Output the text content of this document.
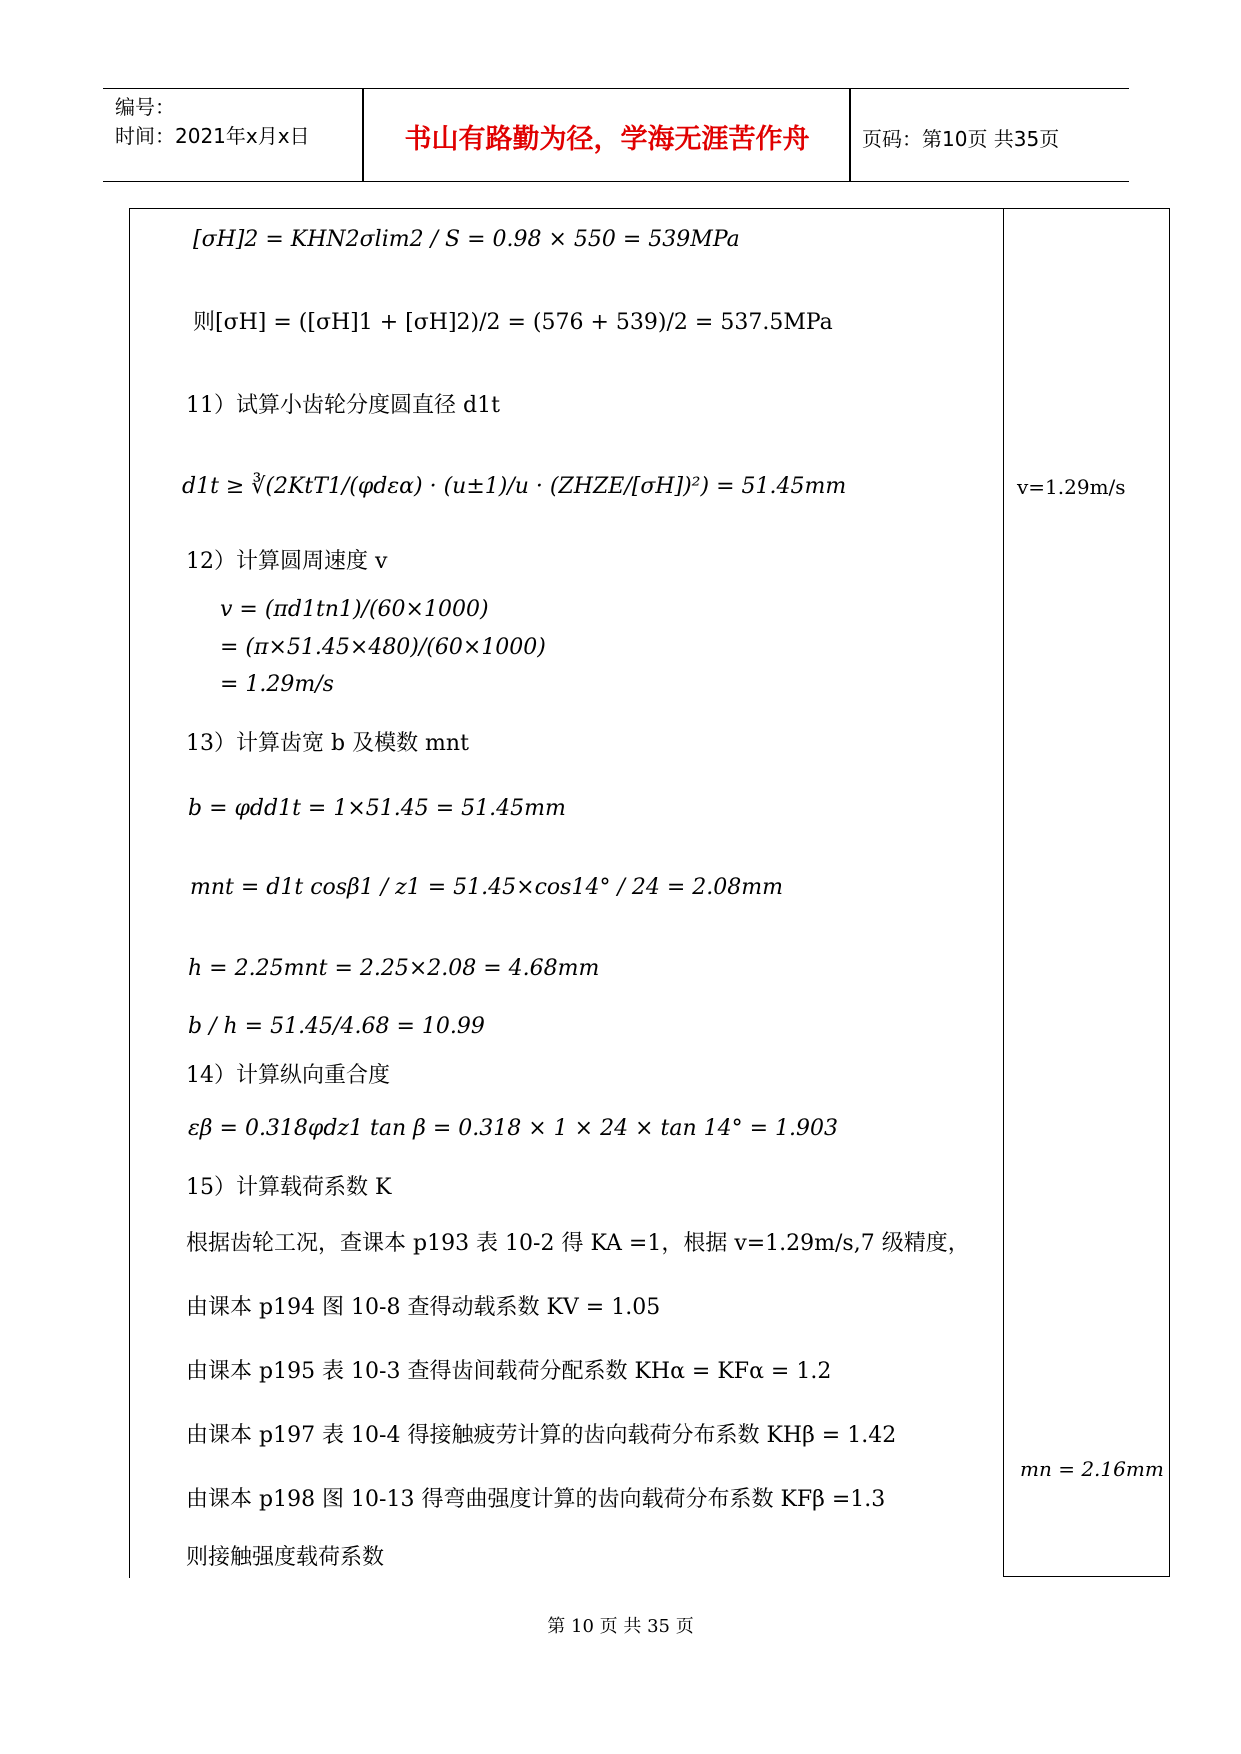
编号：
时间：2021年x月x日	书山有路勤为径，学海无涯苦作舟	页码：第10页 共35页
[σH]2 = KHN2σlim2 / S = 0.98 × 550 = 539MPa
则[σH] = ([σH]1 + [σH]2)/2 = (576 + 539)/2 = 537.5MPa
11）试算小齿轮分度圆直径 d1t
d1t ≥ ∛(2KtT1/(φdεα) · (u±1)/u · (ZHZE/[σH])²) = 51.45mm
12）计算圆周速度 v
v = (πd1tn1)/(60×1000)
= (π×51.45×480)/(60×1000)
= 1.29m/s
13）计算齿宽 b 及模数 mnt
b = φdd1t = 1×51.45 = 51.45mm
mnt = d1t cosβ1 / z1 = 51.45×cos14° / 24 = 2.08mm
h = 2.25mnt = 2.25×2.08 = 4.68mm
b / h = 51.45/4.68 = 10.99
14）计算纵向重合度
εβ = 0.318φdz1 tan β = 0.318 × 1 × 24 × tan 14° = 1.903
15）计算载荷系数 K
根据齿轮工况，查课本 p193 表 10-2 得 KA =1，根据 v=1.29m/s,7 级精度，
由课本 p194 图 10-8 查得动载系数 KV = 1.05
由课本 p195 表 10-3 查得齿间载荷分配系数 KHα = KFα = 1.2
由课本 p197 表 10-4 得接触疲劳计算的齿向载荷分布系数 KHβ = 1.42
由课本 p198 图 10-13 得弯曲强度计算的齿向载荷分布系数 KFβ =1.3
则接触强度载荷系数
v=1.29m/s
mn = 2.16mm
第 10 页 共 35 页
